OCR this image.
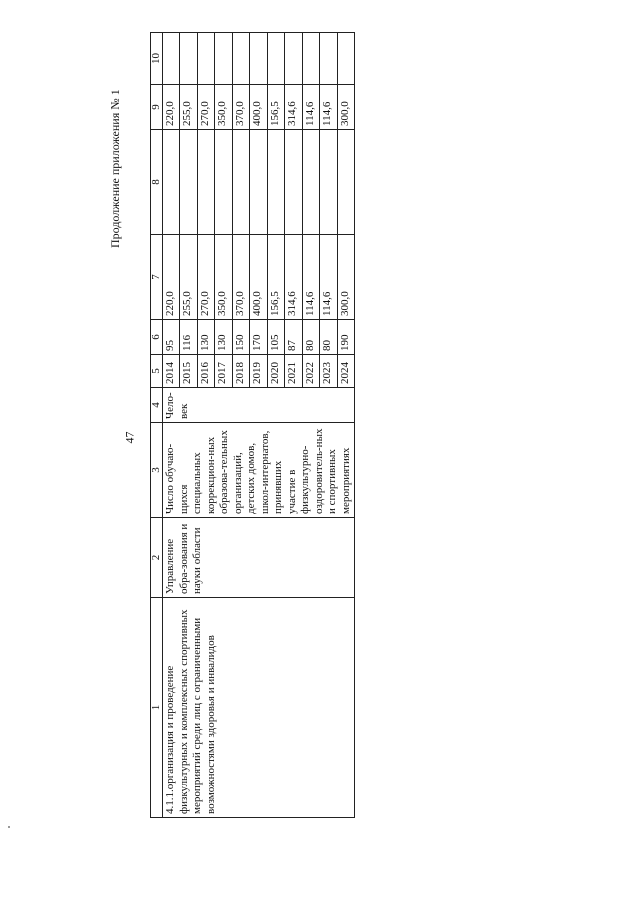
47
Продолжение приложения № 1
1	2	3	4	5	6	7	8	9	10	
4.1.1.организация и проведение физкультурных и комплексных спортивных мероприятий среди лиц с ограниченными возможностями здоровья и инвалидов	Управление обра-зования и науки области	Число обучаю-щихся специальных коррекцион-ных образова-тельных организаций, детских домов, школ-интернатов, принявших участие в физкультурно-оздоровитель-ных и спортивных мероприятиях	Чело-век	2014	95	220,0		220,0		
				2015	116	255,0		255,0		
				2016	130	270,0		270,0		
				2017	130	350,0		350,0		
				2018	150	370,0		370,0		
				2019	170	400,0		400,0		
				2020	105	156,5		156,5		
				2021	87	314,6		314,6		
				2022	80	114,6		114,6		
				2023	80	114,6		114,6		
				2024	190	300,0		300,0		
